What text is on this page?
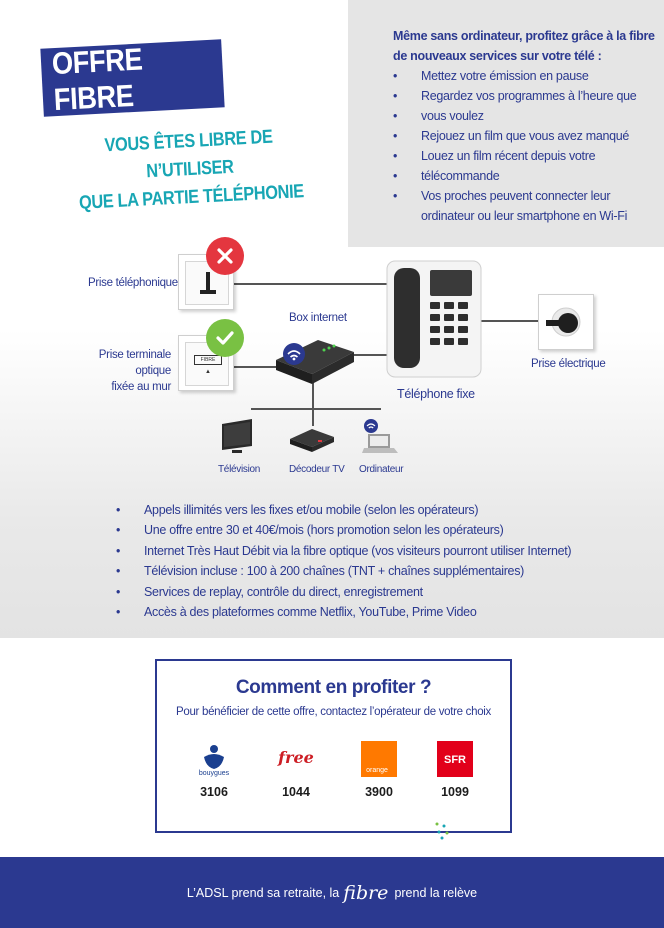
Même sans ordinateur, profitez grâce à la fibre de nouveaux services sur votre télé :
• Mettez votre émission en pause
• Regardez vos programmes à l’heure que
• vous voulez
• Rejouez un film que vous avez manqué
• Louez un film récent depuis votre
• télécommande
• Vos proches peuvent connecter leur ordinateur ou leur smartphone en Wi-Fi
OFFRE FIBRE
VOUS ÊTES LIBRE DE N’UTILISER
QUE LA PARTIE TÉLÉPHONIE
Prise téléphonique
Prise terminale optique
fixée au mur
FIBRE
▲
Box internet
Téléphone fixe
Prise électrique
Télévision	Décodeur TV Ordinateur
• Appels illimités vers les fixes et/ou mobile (selon les opérateurs)
• Une offre entre 30 et 40€/mois (hors promotion selon les opérateurs)
• Internet Très Haut Débit via la fibre optique (vos visiteurs pourront utiliser Internet)
• Télévision incluse : 100 à 200 chaînes (TNT + chaînes supplémentaires)
• Services de replay, contrôle du direct, enregistrement
• Accès à des plateformes comme Netflix, YouTube, Prime Video
Comment en profiter ?
Pour bénéficier de cette offre, contactez l’opérateur de votre choix
bouygues
3106
free
1044
orange
3900
SFR
1099
L’ADSL prend sa retraite, la fibre prend la relève
